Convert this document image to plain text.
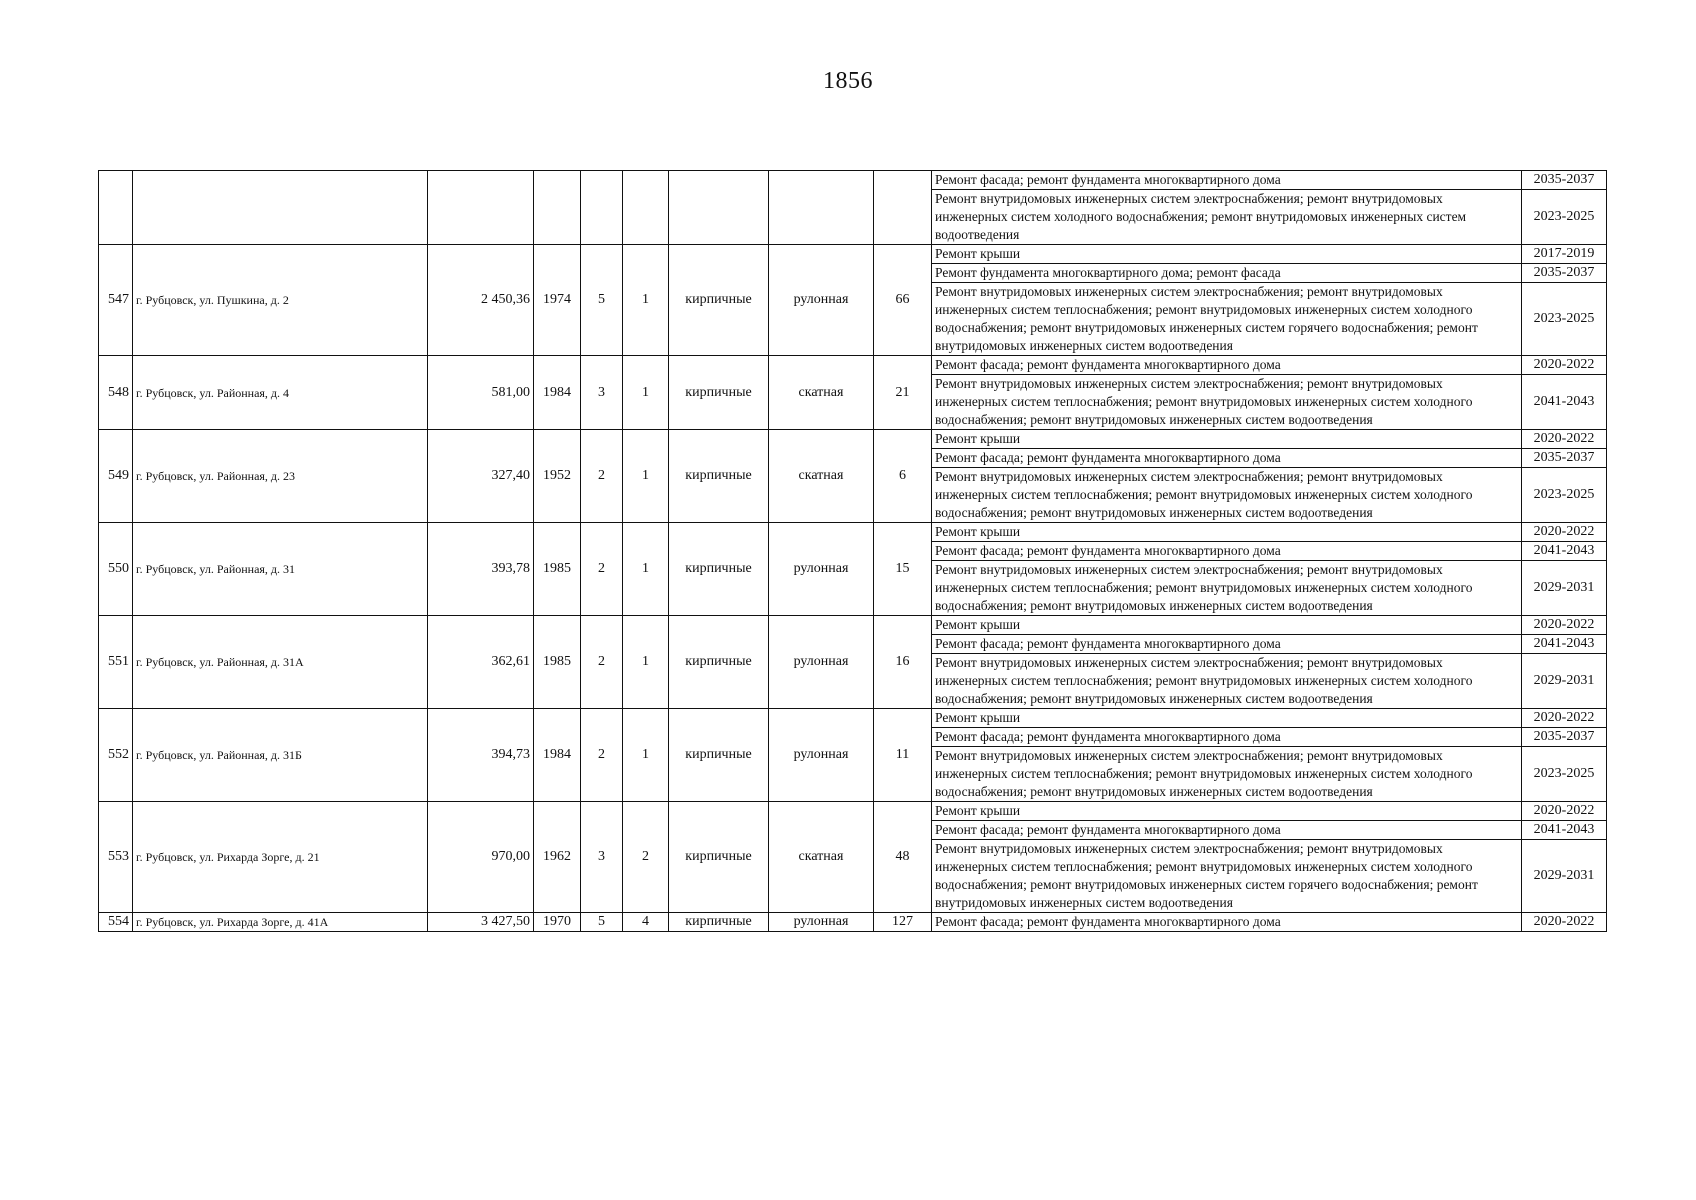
1856
									Ремонт фасада; ремонт фундамента многоквартирного дома	2035-2037
									Ремонт внутридомовых инженерных систем электроснабжения; ремонт внутридомовых инженерных систем холодного водоснабжения; ремонт внутридомовых инженерных систем водоотведения	2023-2025
547	г. Рубцовск, ул. Пушкина, д. 2	2 450,36	1974	5	1	кирпичные	рулонная	66	Ремонт крыши	2017-2019
									Ремонт фундамента многоквартирного дома; ремонт фасада	2035-2037
									Ремонт внутридомовых инженерных систем электроснабжения; ремонт внутридомовых инженерных систем теплоснабжения; ремонт внутридомовых инженерных систем холодного водоснабжения; ремонт внутридомовых инженерных систем горячего водоснабжения; ремонт внутридомовых инженерных систем водоотведения	2023-2025
548	г. Рубцовск, ул. Районная, д. 4	581,00	1984	3	1	кирпичные	скатная	21	Ремонт фасада; ремонт фундамента многоквартирного дома	2020-2022
									Ремонт внутридомовых инженерных систем электроснабжения; ремонт внутридомовых инженерных систем теплоснабжения; ремонт внутридомовых инженерных систем холодного водоснабжения; ремонт внутридомовых инженерных систем водоотведения	2041-2043
549	г. Рубцовск, ул. Районная, д. 23	327,40	1952	2	1	кирпичные	скатная	6	Ремонт крыши	2020-2022
									Ремонт фасада; ремонт фундамента многоквартирного дома	2035-2037
									Ремонт внутридомовых инженерных систем электроснабжения; ремонт внутридомовых инженерных систем теплоснабжения; ремонт внутридомовых инженерных систем холодного водоснабжения; ремонт внутридомовых инженерных систем водоотведения	2023-2025
550	г. Рубцовск, ул. Районная, д. 31	393,78	1985	2	1	кирпичные	рулонная	15	Ремонт крыши	2020-2022
									Ремонт фасада; ремонт фундамента многоквартирного дома	2041-2043
									Ремонт внутридомовых инженерных систем электроснабжения; ремонт внутридомовых инженерных систем теплоснабжения; ремонт внутридомовых инженерных систем холодного водоснабжения; ремонт внутридомовых инженерных систем водоотведения	2029-2031
551	г. Рубцовск, ул. Районная, д. 31А	362,61	1985	2	1	кирпичные	рулонная	16	Ремонт крыши	2020-2022
									Ремонт фасада; ремонт фундамента многоквартирного дома	2041-2043
									Ремонт внутридомовых инженерных систем электроснабжения; ремонт внутридомовых инженерных систем теплоснабжения; ремонт внутридомовых инженерных систем холодного водоснабжения; ремонт внутридомовых инженерных систем водоотведения	2029-2031
552	г. Рубцовск, ул. Районная, д. 31Б	394,73	1984	2	1	кирпичные	рулонная	11	Ремонт крыши	2020-2022
									Ремонт фасада; ремонт фундамента многоквартирного дома	2035-2037
									Ремонт внутридомовых инженерных систем электроснабжения; ремонт внутридомовых инженерных систем теплоснабжения; ремонт внутридомовых инженерных систем холодного водоснабжения; ремонт внутридомовых инженерных систем водоотведения	2023-2025
553	г. Рубцовск, ул. Рихарда Зорге, д. 21	970,00	1962	3	2	кирпичные	скатная	48	Ремонт крыши	2020-2022
									Ремонт фасада; ремонт фундамента многоквартирного дома	2041-2043
									Ремонт внутридомовых инженерных систем электроснабжения; ремонт внутридомовых инженерных систем теплоснабжения; ремонт внутридомовых инженерных систем холодного водоснабжения; ремонт внутридомовых инженерных систем горячего водоснабжения; ремонт внутридомовых инженерных систем водоотведения	2029-2031
554	г. Рубцовск, ул. Рихарда Зорге, д. 41А	3 427,50	1970	5	4	кирпичные	рулонная	127	Ремонт фасада; ремонт фундамента многоквартирного дома	2020-2022
